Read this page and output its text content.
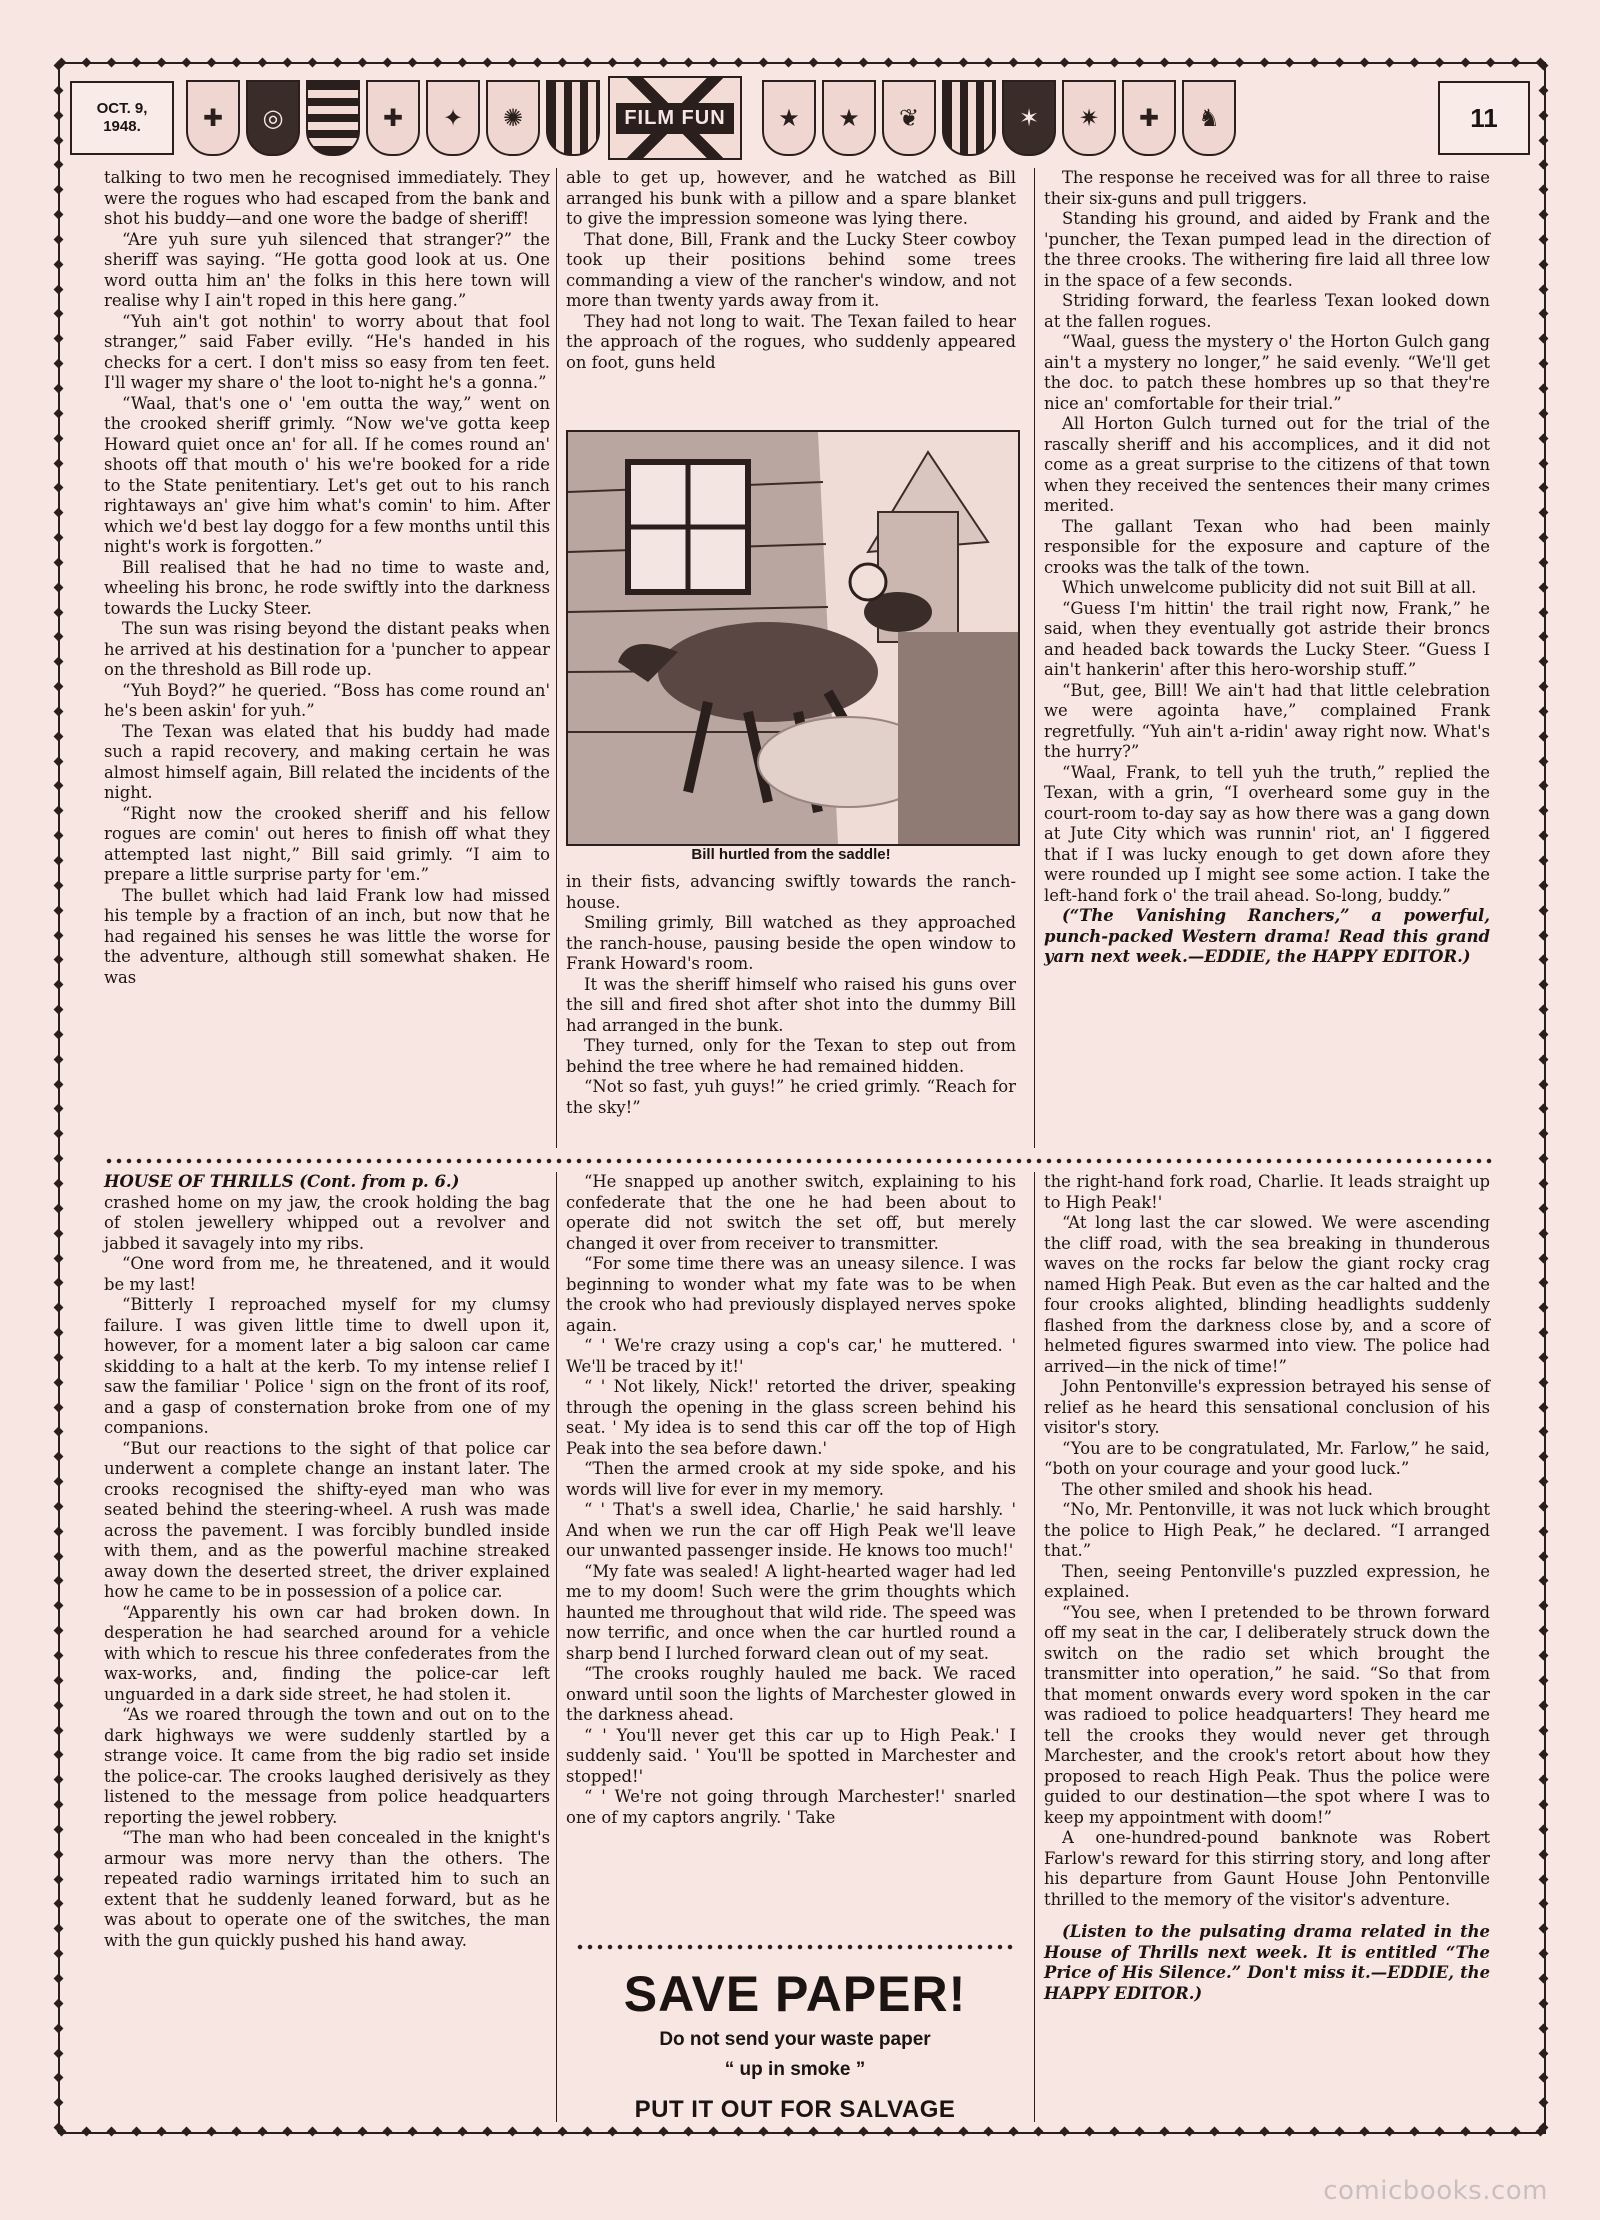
OCT. 9,
1948.	✚	◎	✚	✦	✺	FILM FUN	★	★	❦	✶	✷	✚	♞	11

talking to two men he recognised immediately. They were the rogues who had escaped from the bank and shot his buddy—and one wore the badge of sheriff!

“Are yuh sure yuh silenced that stranger?” the sheriff was saying. “He gotta good look at us. One word outta him an' the folks in this here town will realise why I ain't roped in this here gang.”

“Yuh ain't got nothin' to worry about that fool stranger,” said Faber evilly. “He's handed in his checks for a cert. I don't miss so easy from ten feet. I'll wager my share o' the loot to-night he's a gonna.”

“Waal, that's one o' 'em outta the way,” went on the crooked sheriff grimly. “Now we've gotta keep Howard quiet once an' for all. If he comes round an' shoots off that mouth o' his we're booked for a ride to the State penitentiary. Let's get out to his ranch rightaways an' give him what's comin' to him. After which we'd best lay doggo for a few months until this night's work is forgotten.”

Bill realised that he had no time to waste and, wheeling his bronc, he rode swiftly into the darkness towards the Lucky Steer.

The sun was rising beyond the distant peaks when he arrived at his destination for a 'puncher to appear on the threshold as Bill rode up.

“Yuh Boyd?” he queried. “Boss has come round an' he's been askin' for yuh.”

The Texan was elated that his buddy had made such a rapid recovery, and making certain he was almost himself again, Bill related the incidents of the night.

“Right now the crooked sheriff and his fellow rogues are comin' out heres to finish off what they attempted last night,” Bill said grimly. “I aim to prepare a little surprise party for 'em.”

The bullet which had laid Frank low had missed his temple by a fraction of an inch, but now that he had regained his senses he was little the worse for the adventure, although still somewhat shaken. He was

able to get up, however, and he watched as Bill arranged his bunk with a pillow and a spare blanket to give the impression someone was lying there.

That done, Bill, Frank and the Lucky Steer cowboy took up their positions behind some trees commanding a view of the rancher's window, and not more than twenty yards away from it.

They had not long to wait. The Texan failed to hear the approach of the rogues, who suddenly appeared on foot, guns held

Bill hurtled from the saddle!

in their fists, advancing swiftly towards the ranch-house.

Smiling grimly, Bill watched as they approached the ranch-house, pausing beside the open window to Frank Howard's room.

It was the sheriff himself who raised his guns over the sill and fired shot after shot into the dummy Bill had arranged in the bunk.

They turned, only for the Texan to step out from behind the tree where he had remained hidden.

“Not so fast, yuh guys!” he cried grimly. “Reach for the sky!”

The response he received was for all three to raise their six-guns and pull triggers.

Standing his ground, and aided by Frank and the 'puncher, the Texan pumped lead in the direction of the three crooks. The withering fire laid all three low in the space of a few seconds.

Striding forward, the fearless Texan looked down at the fallen rogues.

“Waal, guess the mystery o' the Horton Gulch gang ain't a mystery no longer,” he said evenly. “We'll get the doc. to patch these hombres up so that they're nice an' comfortable for their trial.”

All Horton Gulch turned out for the trial of the rascally sheriff and his accomplices, and it did not come as a great surprise to the citizens of that town when they received the sentences their many crimes merited.

The gallant Texan who had been mainly responsible for the exposure and capture of the crooks was the talk of the town.

Which unwelcome publicity did not suit Bill at all.

“Guess I'm hittin' the trail right now, Frank,” he said, when they eventually got astride their broncs and headed back towards the Lucky Steer. “Guess I ain't hankerin' after this hero-worship stuff.”

“But, gee, Bill! We ain't had that little celebration we were agointa have,” complained Frank regretfully. “Yuh ain't a-ridin' away right now. What's the hurry?”

“Waal, Frank, to tell yuh the truth,” replied the Texan, with a grin, “I overheard some guy in the court-room to-day say as how there was a gang down at Jute City which was runnin' riot, an' I figgered that if I was lucky enough to get down afore they were rounded up I might see some action. I take the left-hand fork o' the trail ahead. So-long, buddy.”

(“The Vanishing Ranchers,” a powerful, punch-packed Western drama! Read this grand yarn next week.—EDDIE, the HAPPY EDITOR.)

HOUSE OF THRILLS (Cont. from p. 6.)

crashed home on my jaw, the crook holding the bag of stolen jewellery whipped out a revolver and jabbed it savagely into my ribs.

“One word from me, he threatened, and it would be my last!

“Bitterly I reproached myself for my clumsy failure. I was given little time to dwell upon it, however, for a moment later a big saloon car came skidding to a halt at the kerb. To my intense relief I saw the familiar ' Police ' sign on the front of its roof, and a gasp of consternation broke from one of my companions.

“But our reactions to the sight of that police car underwent a complete change an instant later. The crooks recognised the shifty-eyed man who was seated behind the steering-wheel. A rush was made across the pavement. I was forcibly bundled inside with them, and as the powerful machine streaked away down the deserted street, the driver explained how he came to be in possession of a police car.

“Apparently his own car had broken down. In desperation he had searched around for a vehicle with which to rescue his three confederates from the wax-works, and, finding the police-car left unguarded in a dark side street, he had stolen it.

“As we roared through the town and out on to the dark highways we were suddenly startled by a strange voice. It came from the big radio set inside the police-car. The crooks laughed derisively as they listened to the message from police headquarters reporting the jewel robbery.

“The man who had been concealed in the knight's armour was more nervy than the others. The repeated radio warnings irritated him to such an extent that he suddenly leaned forward, but as he was about to operate one of the switches, the man with the gun quickly pushed his hand away.

“He snapped up another switch, explaining to his confederate that the one he had been about to operate did not switch the set off, but merely changed it over from receiver to transmitter.

“For some time there was an uneasy silence. I was beginning to wonder what my fate was to be when the crook who had previously displayed nerves spoke again.

“ ' We're crazy using a cop's car,' he muttered. ' We'll be traced by it!'

“ ' Not likely, Nick!' retorted the driver, speaking through the opening in the glass screen behind his seat. ' My idea is to send this car off the top of High Peak into the sea before dawn.'

“Then the armed crook at my side spoke, and his words will live for ever in my memory.

“ ' That's a swell idea, Charlie,' he said harshly. ' And when we run the car off High Peak we'll leave our unwanted passenger inside. He knows too much!'

“My fate was sealed! A light-hearted wager had led me to my doom! Such were the grim thoughts which haunted me throughout that wild ride. The speed was now terrific, and once when the car hurtled round a sharp bend I lurched forward clean out of my seat.

“The crooks roughly hauled me back. We raced onward until soon the lights of Marchester glowed in the darkness ahead.

“ ' You'll never get this car up to High Peak.' I suddenly said. ' You'll be spotted in Marchester and stopped!'

“ ' We're not going through Marchester!' snarled one of my captors angrily. ' Take

SAVE PAPER!
Do not send your waste paper
“ up in smoke ”
PUT IT OUT FOR SALVAGE

the right-hand fork road, Charlie. It leads straight up to High Peak!'

“At long last the car slowed. We were ascending the cliff road, with the sea breaking in thunderous waves on the rocks far below the giant rocky crag named High Peak. But even as the car halted and the four crooks alighted, blinding headlights suddenly flashed from the darkness close by, and a score of helmeted figures swarmed into view. The police had arrived—in the nick of time!”

John Pentonville's expression betrayed his sense of relief as he heard this sensational conclusion of his visitor's story.

“You are to be congratulated, Mr. Farlow,” he said, “both on your courage and your good luck.”

The other smiled and shook his head.

“No, Mr. Pentonville, it was not luck which brought the police to High Peak,” he declared. “I arranged that.”

Then, seeing Pentonville's puzzled expression, he explained.

“You see, when I pretended to be thrown forward off my seat in the car, I deliberately struck down the switch on the radio set which brought the transmitter into operation,” he said. “So that from that moment onwards every word spoken in the car was radioed to police headquarters! They heard me tell the crooks they would never get through Marchester, and the crook's retort about how they proposed to reach High Peak. Thus the police were guided to our destination—the spot where I was to keep my appointment with doom!”

A one-hundred-pound banknote was Robert Farlow's reward for this stirring story, and long after his departure from Gaunt House John Pentonville thrilled to the memory of the visitor's adventure.

(Listen to the pulsating drama related in the House of Thrills next week. It is entitled “The Price of His Silence.” Don't miss it.—EDDIE, the HAPPY EDITOR.)

comicbooks.com
